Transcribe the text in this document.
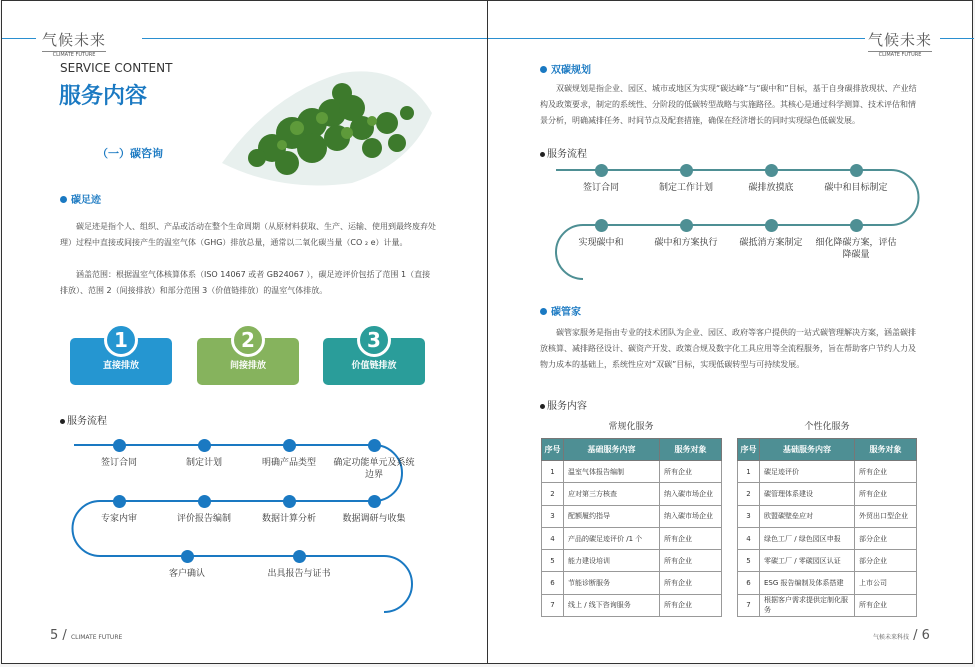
气候未来
CLIMATE FUTURE
SERVICE CONTENT
服务内容
（一）碳咨询
碳足迹
碳足迹是指个人、组织、产品或活动在整个生命周期（从原材料获取、生产、运输、使用到最终废弃处理）过程中直接或间接产生的温室气体（GHG）排放总量，通常以二氧化碳当量（CO ₂ e）计量。
涵盖范围：根据温室气体核算体系（ISO 14067 或者 GB24067 ），碳足迹评价包括了范围 1（直接排放）、范围 2（间接排放）和部分范围 3（价值链排放）的温室气体排放。
1
直接排放
2
间接排放
3
价值链排放
服务流程
签订合同	制定计划	明确产品类型	确定功能单元及系统边界
专家内审	评价报告编制	数据计算分析	数据调研与收集
客户确认	出具报告与证书
5 / CLIMATE FUTURE
气候未来
CLIMATE FUTURE
双碳规划
双碳规划是指企业、园区、城市或地区为实现“碳达峰”与“碳中和”目标，基于自身碳排放现状、产业结构及政策要求，制定的系统性、分阶段的低碳转型战略与实施路径。其核心是通过科学测算、技术评估和情景分析，明确减排任务、时间节点及配套措施，确保在经济增长的同时实现绿色低碳发展。
服务流程
签订合同	制定工作计划	碳排放摸底	碳中和目标制定
实现碳中和	碳中和方案执行	碳抵消方案制定	细化降碳方案，评估降碳量
碳管家
碳管家服务是指由专业的技术团队为企业、园区、政府等客户提供的一站式碳管理解决方案，涵盖碳排放核算、减排路径设计、碳资产开发、政策合规及数字化工具应用等全流程服务，旨在帮助客户节约人力及物力成本的基础上，系统性应对“双碳”目标，实现低碳转型与可持续发展。
服务内容
常规化服务	个性化服务
序号	基础服务内容	服务对象
1	温室气体报告编制	所有企业
2	应对第三方核查	纳入碳市场企业
3	配额履约指导	纳入碳市场企业
4	产品的碳足迹评价 /1 个	所有企业
5	能力建设培训	所有企业
6	节能诊断服务	所有企业
7	线上 / 线下咨询服务	所有企业
序号	基础服务内容	服务对象
1	碳足迹评价	所有企业
2	碳管理体系建设	所有企业
3	欧盟碳壁垒应对	外贸出口型企业
4	绿色工厂 / 绿色园区申报	部分企业
5	零碳工厂 / 零碳园区认证	部分企业
6	ESG 报告编制及体系搭建	上市公司
7	根据客户需求提供定制化服务	所有企业
气候未来科技 / 6
